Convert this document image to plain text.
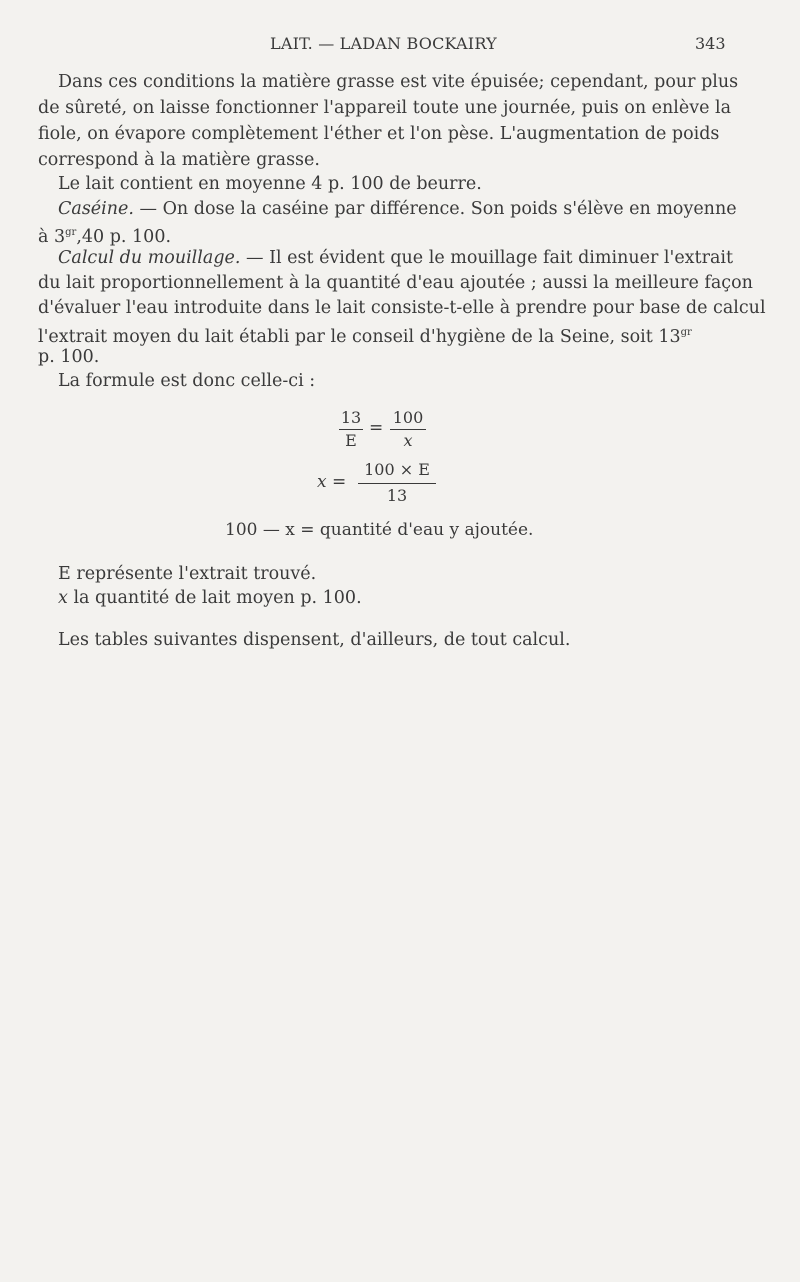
LAIT. — LADAN BOCKAIRY	343
Dans ces conditions la matière grasse est vite épuisée; cependant, pour plus
de sûreté, on laisse fonctionner l'appareil toute une journée, puis on enlève la
fiole, on évapore complètement l'éther et l'on pèse. L'augmentation de poids
correspond à la matière grasse.
Le lait contient en moyenne 4 p. 100 de beurre.
Caséine. — On dose la caséine par différence. Son poids s'élève en moyenne
à $3^{gr},40$ p. 100.
Calcul du mouillage. — Il est évident que le mouillage fait diminuer l'extrait
du lait proportionnellement à la quantité d'eau ajoutée ; aussi la meilleure façon
d'évaluer l'eau introduite dans le lait consiste-t-elle à prendre pour base de calcul
l'extrait moyen du lait établi par le conseil d'hygiène de la Seine, soit $13^{gr}$
p. 100.
La formule est donc celle-ci :
13
E
=
100
x
x =
100 × E
13
100 — x = quantité d'eau y ajoutée.
E représente l'extrait trouvé.
x la quantité de lait moyen p. 100.
Les tables suivantes dispensent, d'ailleurs, de tout calcul.
